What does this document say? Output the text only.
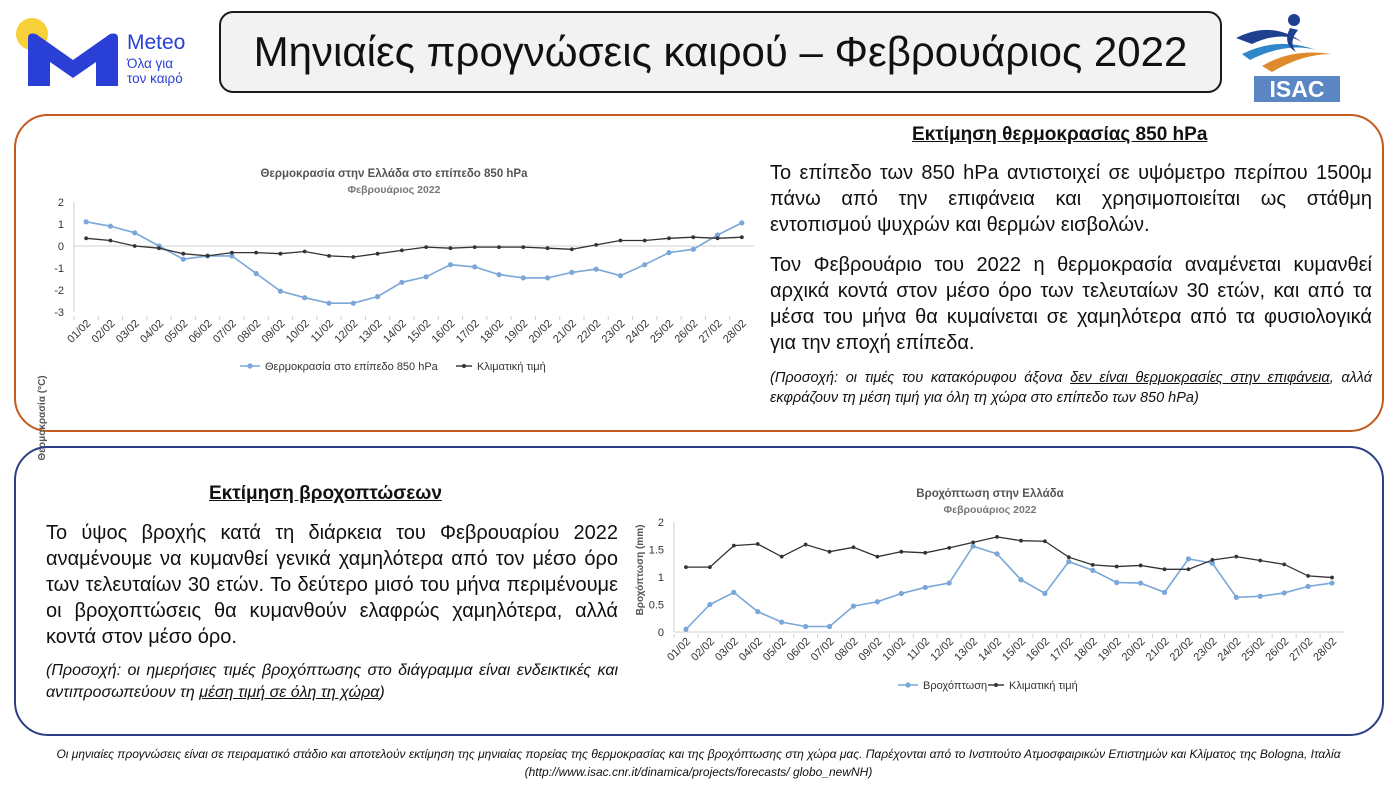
Meteo
Όλα για
τον καιρό
Μηνιαίες προγνώσεις καιρού – Φεβρουάριος 2022
ISAC
Θερμοκρασία στην Ελλάδα στο επίπεδο 850 hPa
Φεβρουάριος 2022
Θερμοκρασία (°C)
2
1
0
-1
-2
-3
01/02
02/02
03/02
04/02
05/02
06/02
07/02
08/02
09/02
10/02
11/02
12/02
13/02
14/02
15/02
16/02
17/02
18/02
19/02
20/02
21/02
22/02
23/02
24/02
25/02
26/02
27/02
28/02
Θερμοκρασία στο επίπεδο 850 hPa	Κλιματική τιμή
Εκτίμηση θερμοκρασίας 850 hPa
Το επίπεδο των 850 hPa αντιστοιχεί σε υψόμετρο περίπου 1500μ πάνω από την επιφάνεια και χρησιμοποιείται ως στάθμη εντοπισμού ψυχρών και θερμών εισβολών.
Τον Φεβρουάριο του 2022 η θερμοκρασία αναμένεται κυμανθεί αρχικά κοντά στον μέσο όρο των τελευταίων 30 ετών, και από τα μέσα του μήνα θα κυμαίνεται σε χαμηλότερα από τα φυσιολογικά για την εποχή επίπεδα.
(Προσοχή: οι τιμές του κατακόρυφου άξονα δεν είναι θερμοκρασίες στην επιφάνεια, αλλά εκφράζουν τη μέση τιμή για όλη τη χώρα στο επίπεδο των 850 hPa)
Εκτίμηση βροχοπτώσεων
Το ύψος βροχής κατά τη διάρκεια του Φεβρουαρίου 2022 αναμένουμε να κυμανθεί γενικά χαμηλότερα από τον μέσο όρο των τελευταίων 30 ετών. Το δεύτερο μισό του μήνα περιμένουμε οι βροχοπτώσεις θα κυμανθούν ελαφρώς χαμηλότερα, αλλά κοντά στον μέσο όρο.
(Προσοχή: οι ημερήσιες τιμές βροχόπτωσης στο διάγραμμα είναι ενδεικτικές και αντιπροσωπεύουν τη μέση τιμή σε όλη τη χώρα)
Βροχόπτωση στην Ελλάδα
Φεβρουάριος 2022
Βροχόπτωση (mm)
2
1.5
1
0.5
0
01/02
02/02
03/02
04/02
05/02
06/02
07/02
08/02
09/02
10/02
11/02
12/02
13/02
14/02
15/02
16/02
17/02
18/02
19/02
20/02
21/02
22/02
23/02
24/02
25/02
26/02
27/02
28/02
Βροχόπτωση Κλιματική τιμή
Οι μηνιαίες προγνώσεις είναι σε πειραματικό στάδιο και αποτελούν εκτίμηση της μηνιαίας πορείας της θερμοκρασίας και της βροχόπτωσης στη χώρα μας. Παρέχονται από το Ινστιτούτο Ατμοσφαιρικών Επιστημών και Κλίματος της Bologna, Ιταλία (http://www.isac.cnr.it/dinamica/projects/forecasts/ globo_newNH)
